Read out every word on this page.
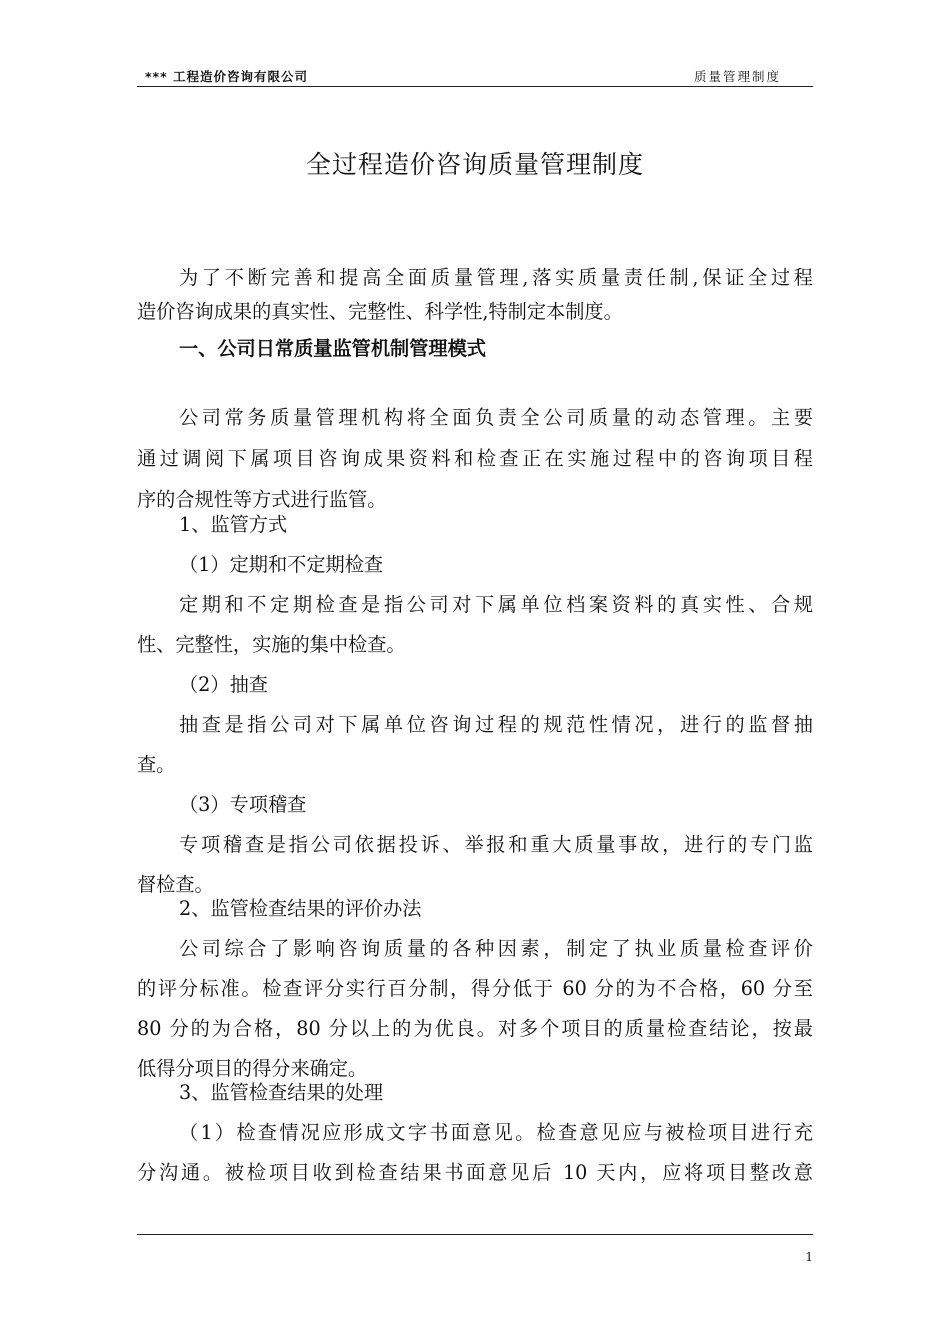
*** 工程造价咨询有限公司	质量管理制度
全过程造价咨询质量管理制度

为了不断完善和提高全面质量管理,落实质量责任制,保证全过程

造价咨询成果的真实性、完整性、科学性,特制定本制度。

一、公司日常质量监管机制管理模式

公司常务质量管理机构将全面负责全公司质量的动态管理。主要

通过调阅下属项目咨询成果资料和检查正在实施过程中的咨询项目程

序的合规性等方式进行监管。

1、监管方式

（1）定期和不定期检查

定期和不定期检查是指公司对下属单位档案资料的真实性、合规

性、完整性，实施的集中检查。

（2）抽查

抽查是指公司对下属单位咨询过程的规范性情况，进行的监督抽

查。

（3）专项稽查

专项稽查是指公司依据投诉、举报和重大质量事故，进行的专门监

督检查。

2、监管检查结果的评价办法

公司综合了影响咨询质量的各种因素，制定了执业质量检查评价

的评分标准。检查评分实行百分制，得分低于 60 分的为不合格，60 分至

80 分的为合格，80 分以上的为优良。对多个项目的质量检查结论，按最

低得分项目的得分来确定。

3、监管检查结果的处理

（1）检查情况应形成文字书面意见。检查意见应与被检项目进行充

分沟通。被检项目收到检查结果书面意见后 10 天内，应将项目整改意

1
